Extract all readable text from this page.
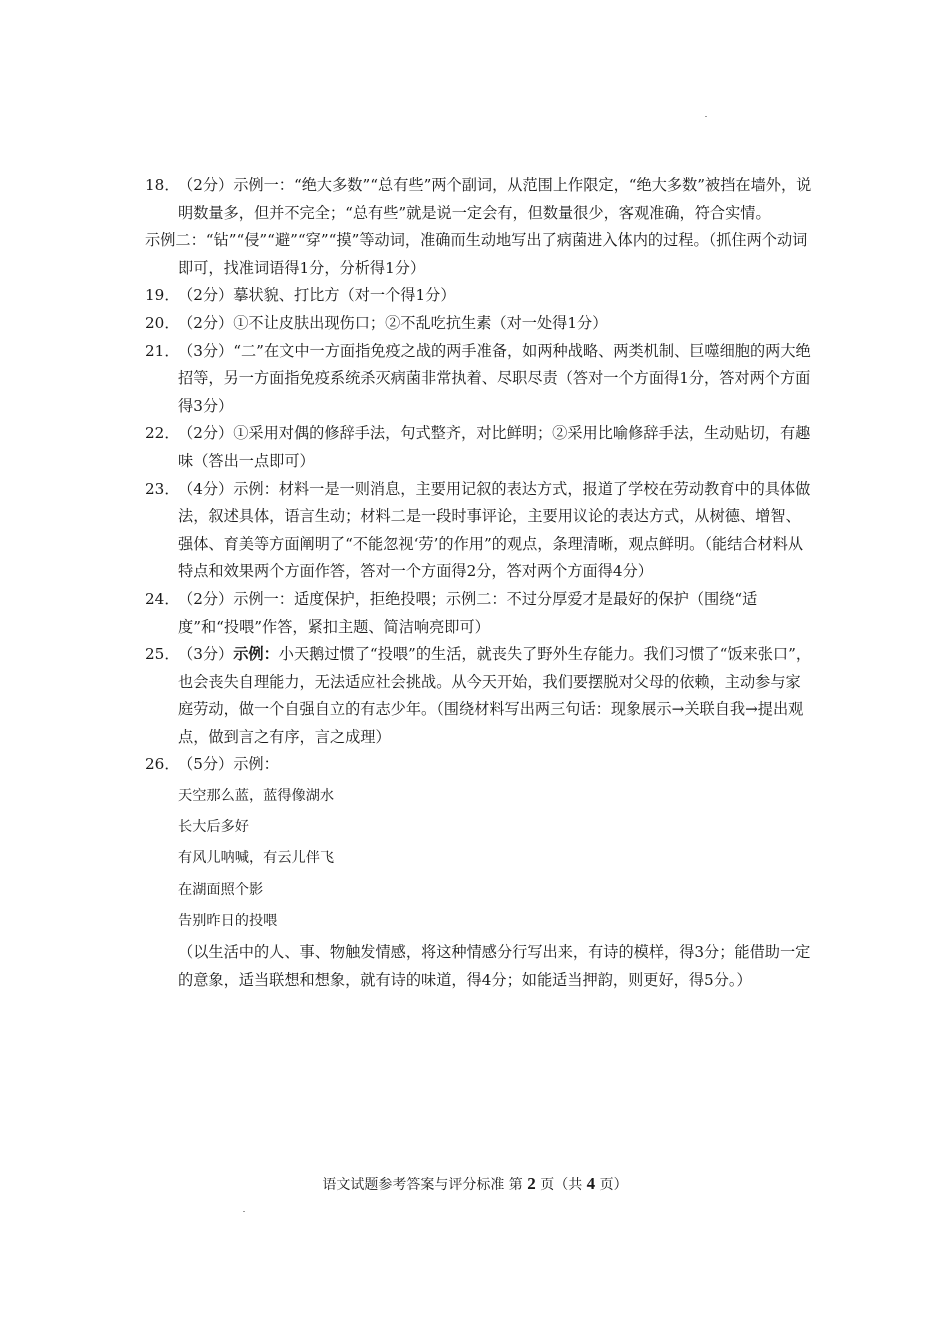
18．（2分）示例一：“绝大多数”“总有些”两个副词，从范围上作限定，“绝大多数”被挡在墙外，说明数量多，但并不完全；“总有些”就是说一定会有，但数量很少，客观准确，符合实情。

示例二：“钻”“侵”“避”“穿”“摸”等动词，准确而生动地写出了病菌进入体内的过程。（抓住两个动词即可，找准词语得1分，分析得1分）

19．（2分）摹状貌、打比方（对一个得1分）

20．（2分）①不让皮肤出现伤口；②不乱吃抗生素（对一处得1分）

21．（3分）“二”在文中一方面指免疫之战的两手准备，如两种战略、两类机制、巨噬细胞的两大绝招等，另一方面指免疫系统杀灭病菌非常执着、尽职尽责（答对一个方面得1分，答对两个方面得3分）

22．（2分）①采用对偶的修辞手法，句式整齐，对比鲜明；②采用比喻修辞手法，生动贴切，有趣味（答出一点即可）

23．（4分）示例：材料一是一则消息，主要用记叙的表达方式，报道了学校在劳动教育中的具体做法，叙述具体，语言生动；材料二是一段时事评论，主要用议论的表达方式，从树德、增智、强体、育美等方面阐明了“不能忽视‘劳’的作用”的观点，条理清晰，观点鲜明。（能结合材料从特点和效果两个方面作答，答对一个方面得2分，答对两个方面得4分）

24．（2分）示例一：适度保护，拒绝投喂；示例二：不过分厚爱才是最好的保护（围绕“适度”和“投喂”作答，紧扣主题、简洁响亮即可）

25．（3分）示例：小天鹅过惯了“投喂”的生活，就丧失了野外生存能力。我们习惯了“饭来张口”，也会丧失自理能力，无法适应社会挑战。从今天开始，我们要摆脱对父母的依赖，主动参与家庭劳动，做一个自强自立的有志少年。（围绕材料写出两三句话：现象展示→关联自我→提出观点，做到言之有序，言之成理）

26．（5分）示例：

天空那么蓝，蓝得像湖水
长大后多好
有风儿呐喊，有云儿伴飞
在湖面照个影
告别昨日的投喂

（以生活中的人、事、物触发情感，将这种情感分行写出来，有诗的模样，得3分；能借助一定的意象，适当联想和想象，就有诗的味道，得4分；如能适当押韵，则更好，得5分。）

语文试题参考答案与评分标准 第 2 页（共 4 页）
